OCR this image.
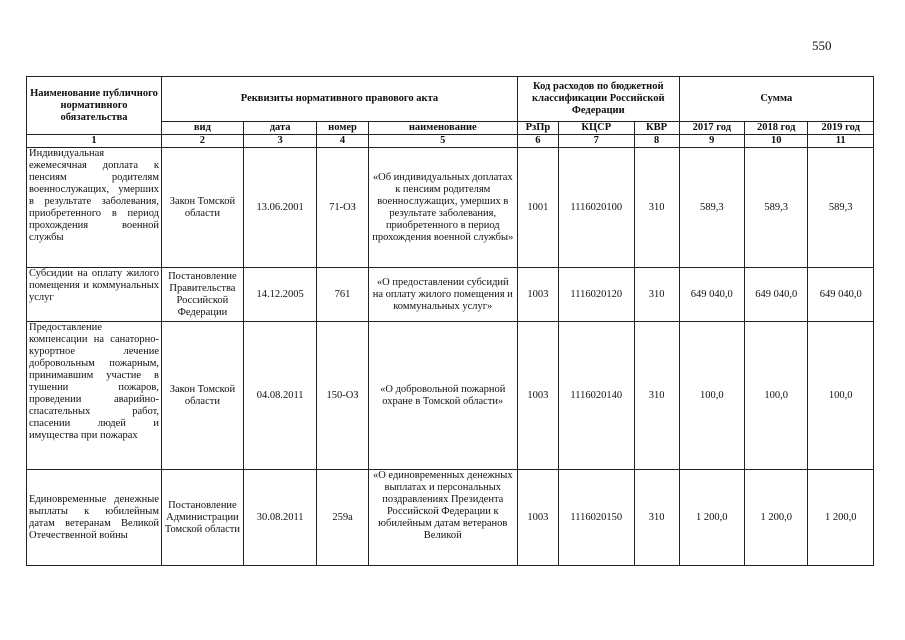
550
Наименование публичного нормативного обязательства	Реквизиты нормативного правового акта				Код расходов по бюджетной классификации Российской Федерации			Сумма		
	вид	дата	номер	наименование	РзПр	КЦСР	КВР	2017 год	2018 год	2019 год
1	2	3	4	5	6	7	8	9	10	11
Индивидуальная ежемесячная доплата к пенсиям родителям военнослужащих, умерших в результате заболевания, приобретенного в период прохождения военной службы	Закон Томской области	13.06.2001	71-ОЗ	«Об индивидуальных доплатах к пенсиям родителям военнослужащих, умерших в результате заболевания, приобретенного в период прохождения военной службы»	1001	1116020100	310	589,3	589,3	589,3
Субсидии на оплату жилого помещения и коммунальных услуг	Постановление Правительства Российской Федерации	14.12.2005	761	«О предоставлении субсидий на оплату жилого помещения и коммунальных услуг»	1003	1116020120	310	649 040,0	649 040,0	649 040,0
Предоставление компенсации на санаторно-курортное лечение добровольным пожарным, принимавшим участие в тушении пожаров, проведении аварийно-спасательных работ, спасении людей и имущества при пожарах	Закон Томской области	04.08.2011	150-ОЗ	«О добровольной пожарной охране в Томской области»	1003	1116020140	310	100,0	100,0	100,0
Единовременные денежные выплаты к юбилейным датам ветеранам Великой Отечественной войны	Постановление Администрации Томской области	30.08.2011	259а	«О единовременных денежных выплатах и персональных поздравлениях Президента Российской Федерации к юбилейным датам ветеранов Великой	1003	1116020150	310	1 200,0	1 200,0	1 200,0
